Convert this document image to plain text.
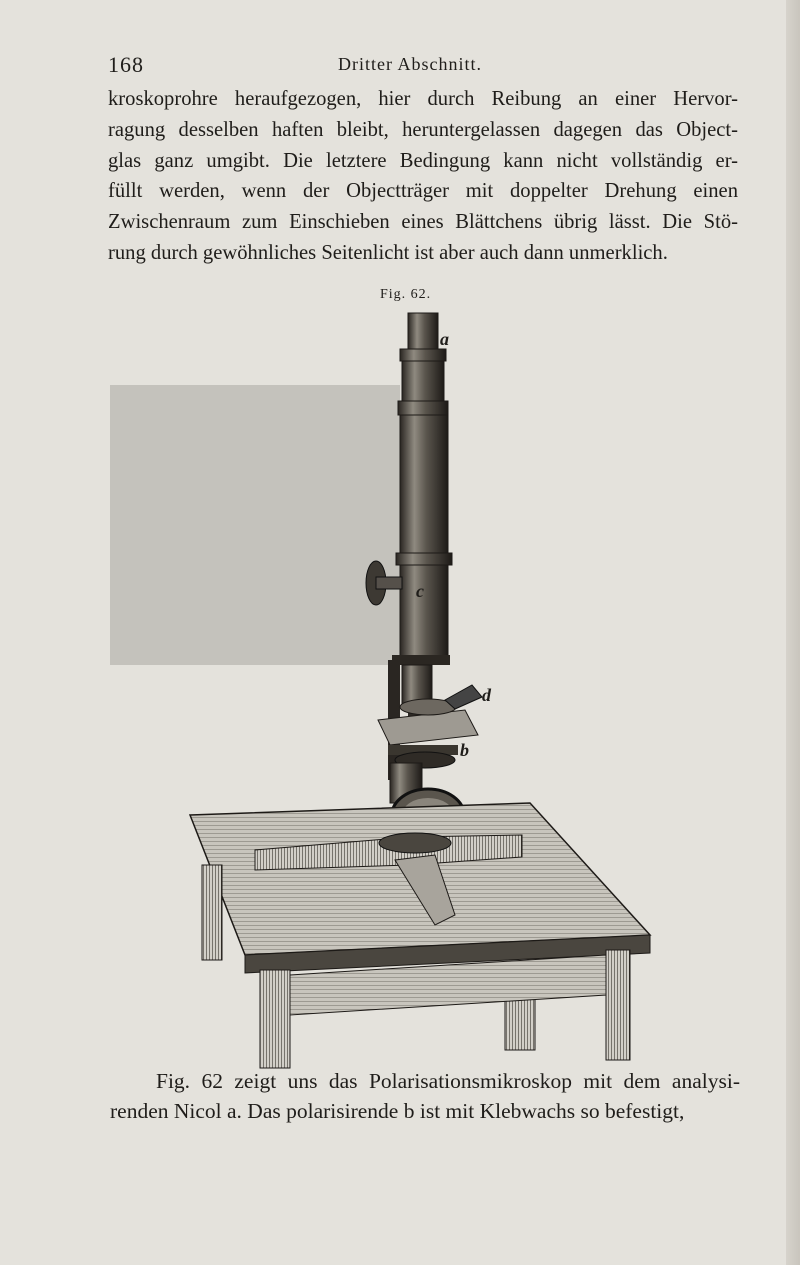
168	Dritter Abschnitt.

kroskoprohre heraufgezogen, hier durch Reibung an einer Hervor-
ragung desselben haften bleibt, heruntergelassen dagegen das Object-
glas ganz umgibt. Die letztere Bedingung kann nicht vollständig er-
füllt werden, wenn der Objectträger mit doppelter Drehung einen
Zwischenraum zum Einschieben eines Blättchens übrig lässt. Die Stö-
rung durch gewöhnliches Seitenlicht ist aber auch dann unmerklich.

Fig. 62.
a
c
d
b

Fig. 62 zeigt uns das Polarisationsmikroskop mit dem analysi-
renden Nicol a. Das polarisirende b ist mit Klebwachs so befestigt,
